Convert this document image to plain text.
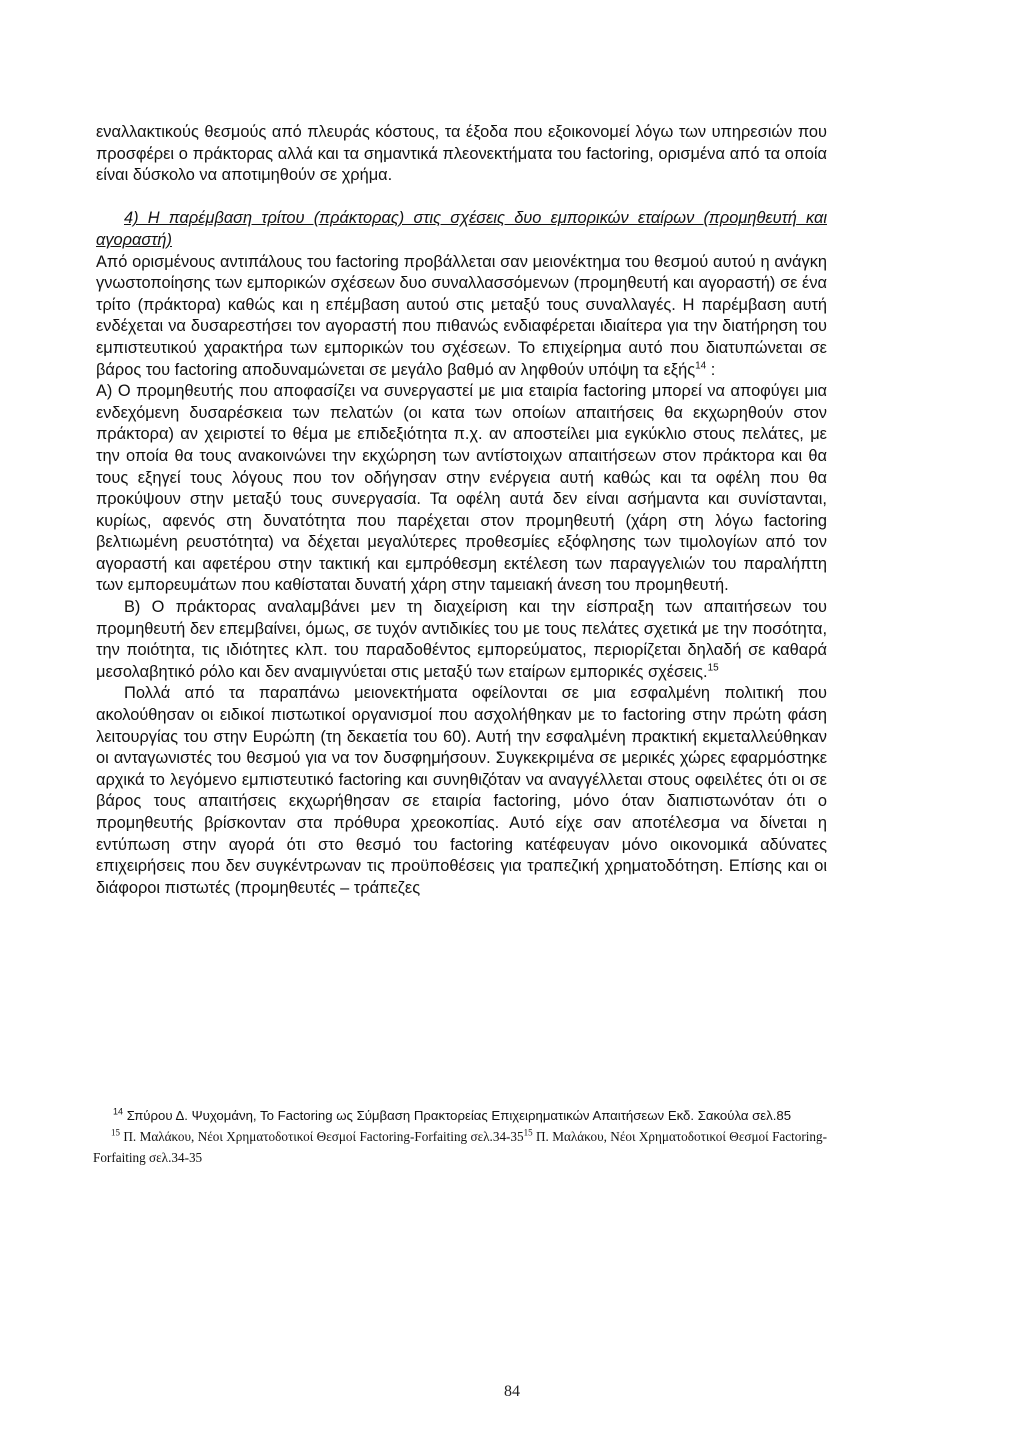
εναλλακτικούς θεσμούς από πλευράς κόστους, τα έξοδα που εξοικονομεί λόγω των υπηρεσιών που προσφέρει ο πράκτορας αλλά και τα σημαντικά πλεονεκτήματα του factoring, ορισμένα από τα οποία είναι δύσκολο να αποτιμηθούν σε χρήμα.

4) Η παρέμβαση τρίτου (πράκτορας) στις σχέσεις δυο εμπορικών εταίρων (προμηθευτή και αγοραστή)

Από ορισμένους αντιπάλους του factoring προβάλλεται σαν μειονέκτημα του θεσμού αυτού η ανάγκη γνωστοποίησης των εμπορικών σχέσεων δυο συναλλασσόμενων (προμηθευτή και αγοραστή) σε ένα τρίτο (πράκτορα) καθώς και η επέμβαση αυτού στις μεταξύ τους συναλλαγές. Η παρέμβαση αυτή ενδέχεται να δυσαρεστήσει τον αγοραστή που πιθανώς ενδιαφέρεται ιδιαίτερα για την διατήρηση του εμπιστευτικού χαρακτήρα των εμπορικών του σχέσεων. Το επιχείρημα αυτό που διατυπώνεται σε βάρος του factoring αποδυναμώνεται σε μεγάλο βαθμό αν ληφθούν υπόψη τα εξής$^{14}$ :

Α) Ο προμηθευτής που αποφασίζει να συνεργαστεί με μια εταιρία factoring μπορεί να αποφύγει μια ενδεχόμενη δυσαρέσκεια των πελατών (οι κατα των οποίων απαιτήσεις θα εκχωρηθούν στον πράκτορα) αν χειριστεί το θέμα με επιδεξιότητα π.χ. αν αποστείλει μια εγκύκλιο στους πελάτες, με την οποία θα τους ανακοινώνει την εκχώρηση των αντίστοιχων απαιτήσεων στον πράκτορα και θα τους εξηγεί τους λόγους που τον οδήγησαν στην ενέργεια αυτή καθώς και τα οφέλη που θα προκύψουν στην μεταξύ τους συνεργασία. Τα οφέλη αυτά δεν είναι ασήμαντα και συνίστανται, κυρίως, αφενός στη δυνατότητα που παρέχεται στον προμηθευτή (χάρη στη λόγω factoring βελτιωμένη ρευστότητα) να δέχεται μεγαλύτερες προθεσμίες εξόφλησης των τιμολογίων από τον αγοραστή και αφετέρου στην τακτική και εμπρόθεσμη εκτέλεση των παραγγελιών του παραλήπτη των εμπορευμάτων που καθίσταται δυνατή χάρη στην ταμειακή άνεση του προμηθευτή.

Β) Ο πράκτορας αναλαμβάνει μεν τη διαχείριση και την είσπραξη των απαιτήσεων του προμηθευτή δεν επεμβαίνει, όμως, σε τυχόν αντιδικίες του με τους πελάτες σχετικά με την ποσότητα, την ποιότητα, τις ιδιότητες κλπ. του παραδοθέντος εμπορεύματος, περιορίζεται δηλαδή σε καθαρά μεσολαβητικό ρόλο και δεν αναμιγνύεται στις μεταξύ των εταίρων εμπορικές σχέσεις.$^{15}$

Πολλά από τα παραπάνω μειονεκτήματα οφείλονται σε μια εσφαλμένη πολιτική που ακολούθησαν οι ειδικοί πιστωτικοί οργανισμοί που ασχολήθηκαν με το factoring στην πρώτη φάση λειτουργίας του στην Ευρώπη (τη δεκαετία του 60). Αυτή την εσφαλμένη πρακτική εκμεταλλεύθηκαν οι ανταγωνιστές του θεσμού για να τον δυσφημήσουν. Συγκεκριμένα σε μερικές χώρες εφαρμόστηκε αρχικά το λεγόμενο εμπιστευτικό factoring και συνηθιζόταν να αναγγέλλεται στους οφειλέτες ότι οι σε βάρος τους απαιτήσεις εκχωρήθησαν σε εταιρία factoring, μόνο όταν διαπιστωνόταν ότι ο προμηθευτής βρίσκονταν στα πρόθυρα χρεοκοπίας. Αυτό είχε σαν αποτέλεσμα να δίνεται η εντύπωση στην αγορά ότι στο θεσμό του factoring κατέφευγαν μόνο οικονομικά αδύνατες επιχειρήσεις που δεν συγκέντρωναν τις προϋποθέσεις για τραπεζική χρηματοδότηση. Επίσης και οι διάφοροι πιστωτές (προμηθευτές – τράπεζες

$^{14}$ Σπύρου Δ. Ψυχομάνη, Το Factoring ως Σύμβαση Πρακτορείας Επιχειρηματικών Απαιτήσεων Εκδ. Σακούλα σελ.85

$^{15}$ Π. Μαλάκου, Νέοι Χρηματοδοτικοί Θεσμοί Factoring-Forfaiting σελ.34-35$^{15}$ Π. Μαλάκου, Νέοι Χρηματοδοτικοί Θεσμοί Factoring-Forfaiting σελ.34-35

84
